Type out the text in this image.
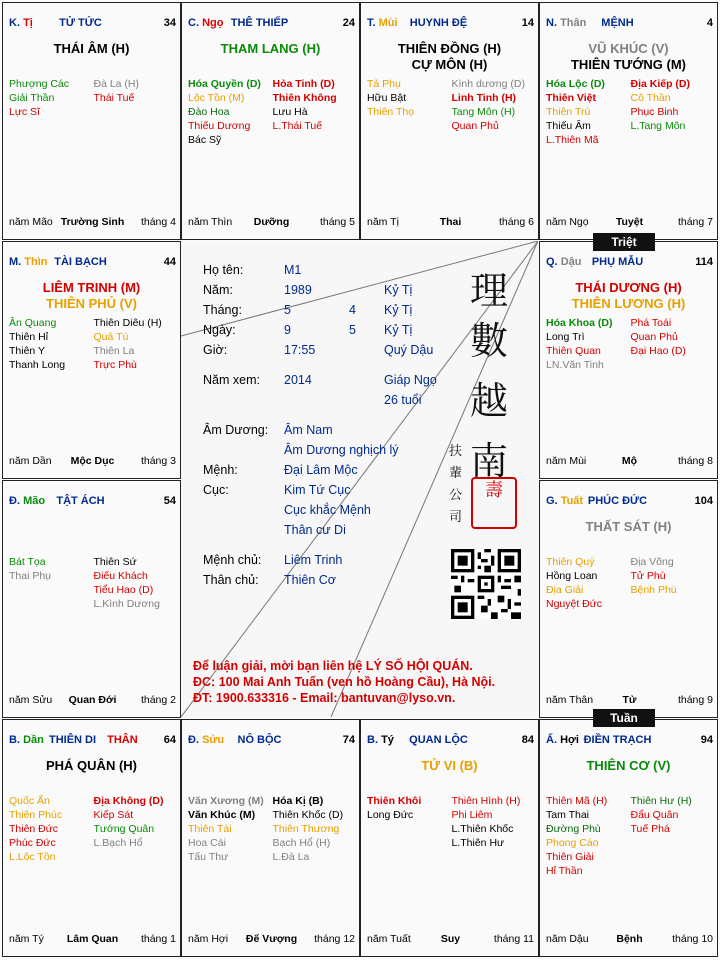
K. Tị	TỬ TỨC	34
THÁI ÂM (H)
Phượng Các
Giải Thần
Lực Sĩ
Đà La (H)
Thái Tuế
Trường Sinh
năm Mão	tháng 4
C. Ngọ THÊ THIẾP	24
THAM LANG (H)
Hóa Quyền (D)
Lộc Tồn (M)
Đào Hoa
Thiếu Dương
Bác Sỹ
Hỏa Tinh (D)
Thiên Không
Lưu Hà
L.Thái Tuế
Dưỡng
năm Thìn	tháng 5
T. Mùi	HUYNH ĐỆ	14
THIÊN ĐỒNG (H)
CỰ MÔN (H)
Tả Phụ
Hữu Bật
Thiên Thọ
Kình dương (D)
Linh Tinh (H)
Tang Môn (H)
Quan Phủ
Thai
năm Tị	tháng 6
N. Thân	MỆNH	4
VŨ KHÚC (V)
THIÊN TƯỚNG (M)
Hóa Lộc (D)
Thiên Việt
Thiên Trù
Thiếu Âm
L.Thiên Mã
Địa Kiếp (D)
Cô Thần
Phục Binh
L.Tang Môn
Tuyệt
năm Ngọ	tháng 7
M. Thìn TÀI BẠCH	44
LIÊM TRINH (M)
THIÊN PHỦ (V)
Ân Quang
Thiên Hỉ
Thiên Y
Thanh Long
Thiên Diêu (H)
Quả Tú
Thiên La
Trực Phù
Mộc Dục
năm Dần	tháng 3
Q. Dậu PHỤ MẪU	114
THÁI DƯƠNG (H)
THIÊN LƯƠNG (H)
Hóa Khoa (D)
Long Trì
Thiên Quan
LN.Văn Tinh
Phá Toái
Quan Phủ
Đại Hao (D)
Mộ
năm Mùi	tháng 8
Đ. Mão	TẬT ÁCH	54
Bát Tọa
Thai Phụ
Thiên Sứ
Điếu Khách
Tiểu Hao (D)
L.Kình Dương
Quan Đới
năm Sửu	tháng 2
G. Tuất PHÚC ĐỨC	104
THẤT SÁT (H)
Thiên Quý
Hồng Loan
Địa Giải
Nguyệt Đức
Địa Võng
Tử Phù
Bệnh Phù
Tử
năm Thân	tháng 9
B. Dần THIÊN DI THÂN	64
PHÁ QUÂN (H)
Quốc Ấn
Thiên Phúc
Thiên Đức
Phúc Đức
L.Lộc Tồn
Địa Không (D)
Kiếp Sát
Tướng Quân
L.Bạch Hổ
Lâm Quan
năm Tý	tháng 1
Đ. Sửu	NÔ BỘC	74
Văn Xương (M)
Văn Khúc (M)
Thiên Tài
Hoa Cái
Tấu Thư
Hóa Kị (B)
Thiên Khốc (D)
Thiên Thương
Bạch Hổ (H)
L.Đà La
Đế Vượng
năm Hợi	tháng 12
B. Tý	QUAN LỘC	84
TỬ VI (B)
Thiên Khôi
Long Đức
Thiên Hình (H)
Phi Liêm
L.Thiên Khốc
L.Thiên Hư
Suy
năm Tuất	tháng 11
Ấ. Hợi ĐIỀN TRẠCH	94
THIÊN CƠ (V)
Thiên Mã (H)
Tam Thai
Đường Phù
Phong Cáo
Thiên Giải
Hỉ Thần
Thiên Hư (H)
Đẩu Quân
Tuế Phá
Bệnh
năm Dậu	tháng 10
Họ tên:	M1
Năm:	1989	Kỷ Tị
Tháng:	5	4 Kỷ Tị
Ngày:	9	5 Kỷ Tị
Giờ:	17:55	Quý Dậu
Năm xem: 2014	Giáp Ngọ
26 tuổi
Âm Dương: Âm Nam
Âm Dương nghịch lý
Mệnh:	Đại Lâm Mộc
Cục:	Kim Tứ Cục
Cục khắc Mệnh
Thân cư Di
Mệnh chủ: Liêm Trinh
Thân chủ: Thiên Cơ
理
數
越
南
扶
輩
公
司
壽
Để luận giải, mời bạn liên hệ LÝ SỐ HỘI QUÁN.
ĐC: 100 Mai Anh Tuấn (ven hồ Hoàng Cầu), Hà Nội.
ĐT: 1900.633316 - Email: bantuvan@lyso.vn.
Triệt
Tuần
